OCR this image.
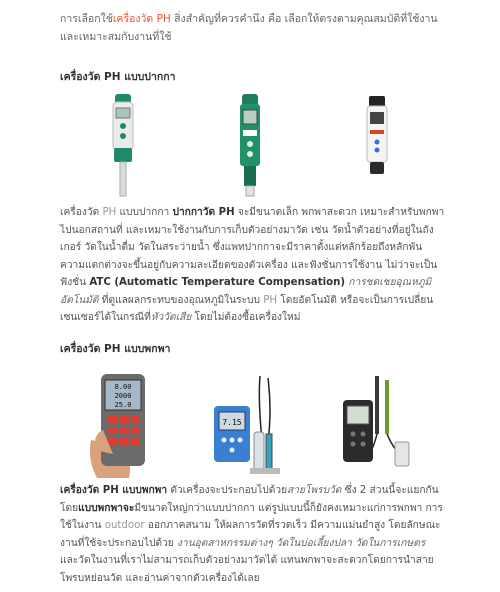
การเลือกใช้เครื่องวัด PH สิ่งสำคัญที่ควรคำนึง คือ เลือกให้ตรงตามคุณสมบัติที่ใช้งาน และเหมาะสมกับงานที่ใช้

เครื่องวัด PH แบบปากกา

เครื่องวัด PH แบบปากกา ปากกาวัด PH จะมีขนาดเล็ก พกพาสะดวก เหมาะสำหรับพกพาไปนอกสถานที่ และเหมาะใช้งานกับการเก็บตัวอย่างมาวัด เช่น วัดน้ำตัวอย่างที่อยู่ในถังเกอร์ วัดในน้ำดื่ม วัดในสระว่ายน้ำ ซึ่งแพทปากกาจะมีราคาตั้งแต่หลักร้อยถึงหลักพัน ความแตกต่างจะขึ้นอยู่กับความละเอียดของตัวเครื่อง และฟังชั่นการใช้งาน ไม่ว่าจะเป็นฟังชั่น ATC (Automatic Temperature Compensation) การชดเชยอุณหภูมิอัตโนมัติ ที่ดูแลผลกระทบของอุณหภูมิในระบบ PH โดยอัตโนมัติ หรือจะเป็นการเปลี่ยนเซนเซอร์ได้ในกรณีที่หัววัดเสีย โดยไม่ต้องซื้อเครื่องใหม่

เครื่องวัด PH แบบพกพา
8.00
2000
25.0
7.15

เครื่องวัด PH แบบพกพา ตัวเครื่องจะประกอบไปด้วยสายโพรบวัด ซึ่ง 2 ส่วนนี้จะแยกกัน โดยแบบพกพาจะมีขนาดใหญ่กว่าแบบปากกา แต่รูปแบบนี้ก็ยังคงเหมาะแก่การพกพา การใช้ในงาน outdoor ออกภาคสนาม ให้ผลการวัดที่รวดเร็ว มีความแม่นยำสูง โดยลักษณะงานที่ใช้จะประกอบไปด้วย งานอุตสาหกรรมต่างๆ วัดในบ่อเลี้ยงปลา วัดในการเกษตร และวัดในงานที่เราไม่สามารถเก็บตัวอย่างมาวัดได้ แทนพกพาจะสะดวกโดยการนำสายโพรบหย่อนวัด และอ่านค่าจากตัวเครื่องได้เลย
